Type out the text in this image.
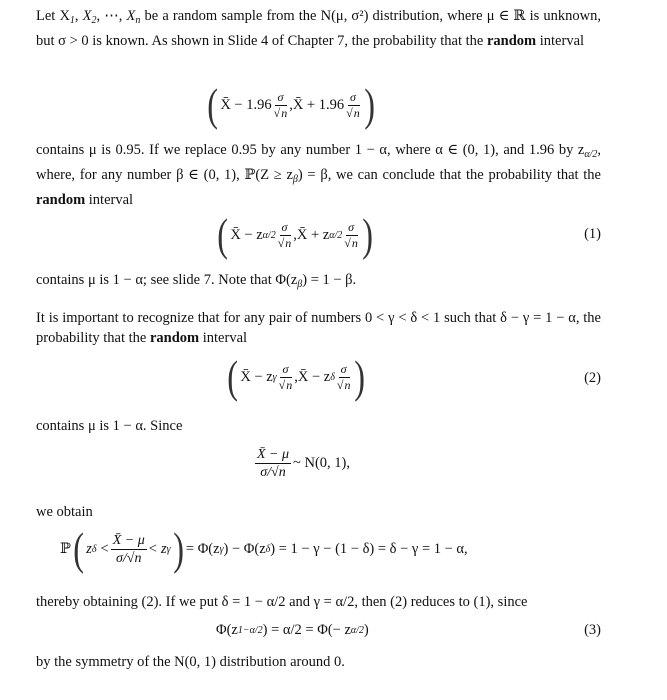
Let $X_1$, $X_2$, ⋯, $X_n$ be a random sample from the N(μ, σ²) distribution, where μ ∈ ℝ is unknown, but σ > 0 is known. As shown in Slide 4 of Chapter 7, the probability that the random interval
( X̄ − $1.96 \frac{\sigma}{√n}$ , X̄ + $1.96 \frac{\sigma}{√n}$ )
contains μ is 0.95. If we replace 0.95 by any number 1 − α, where α ∈ (0, 1), and 1.96 by $z_{\alpha/2}$, where, for any number β ∈ (0, 1), ℙ(Z ≥ $z_\beta) = \beta$, we can conclude that the probability that the random interval
( X̄ − z $\alpha/2 \frac{\sigma}{√n}$ , X̄ + z $\alpha/2 \frac{\sigma}{√n}$ )	(1)
contains μ is 1 − α; see slide 7. Note that $\Phi(z_\beta) = 1 - \beta$.
It is important to recognize that for any pair of numbers 0 < γ < δ < 1 such that δ − γ = 1 − α, the probability that the random interval
( X̄ − z γ $\frac{\sigma}{√n}$ , X̄ − z δ $\frac{\sigma}{√n}$ )	(2)
contains μ is 1 − α. Since
$\frac{X̄ - \mu}{\sigma/√n}$ ~ N(0, 1),
we obtain
ℙ ( z $\delta < \frac{X̄ - \mu}{\sigma/√n} < z$ γ ) = Φ(z γ ) − Φ(z δ ) = 1 − γ − (1 − δ) = δ − γ = 1 − α,
thereby obtaining (2). If we put δ = 1 − α/2 and γ = α/2, then (2) reduces to (1), since
Φ(z 1−α/2 ) = α/2 = Φ(− z α/2 )	(3)
by the symmetry of the N(0, 1) distribution around 0.
